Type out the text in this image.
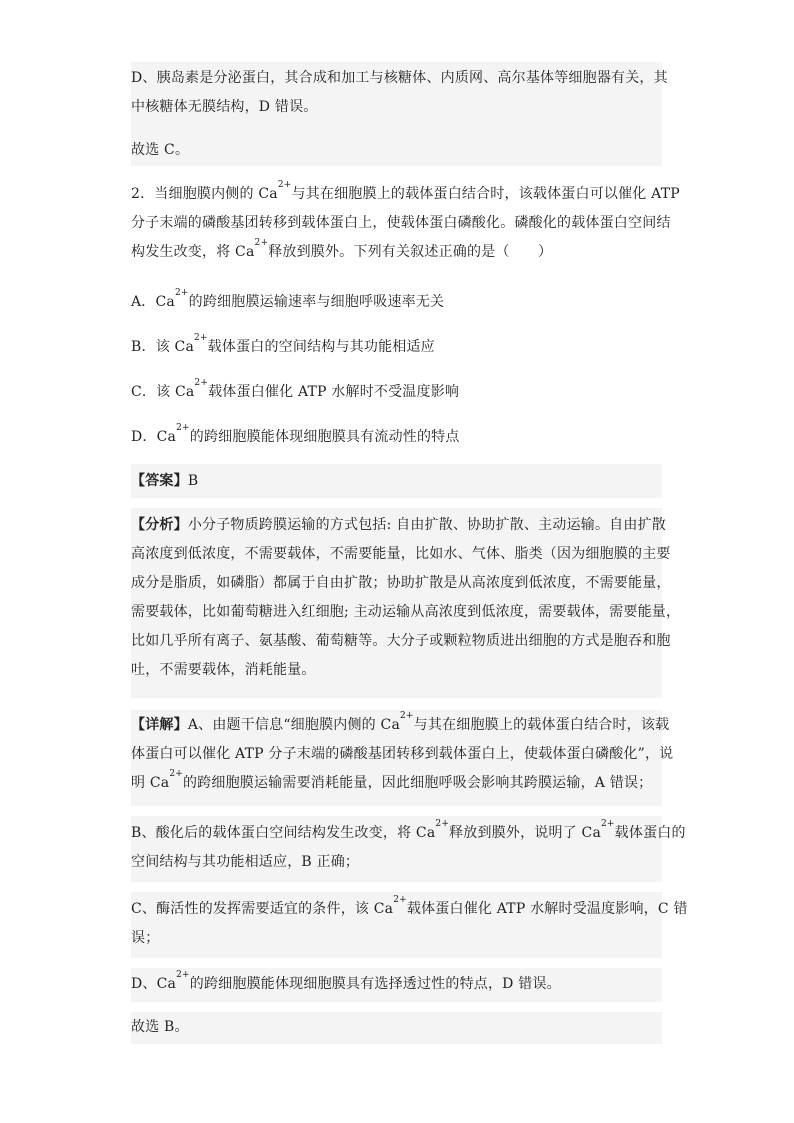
D、胰岛素是分泌蛋白，其合成和加工与核糖体、内质网、高尔基体等细胞器有关，其
中核糖体无膜结构，D 错误。
故选 C。
2．当细胞膜内侧的 $Ca^{2+}$与其在细胞膜上的载体蛋白结合时，该载体蛋白可以催化 ATP
分子末端的磷酸基团转移到载体蛋白上，使载体蛋白磷酸化。磷酸化的载体蛋白空间结
构发生改变，将 $Ca^{2+}$释放到膜外。下列有关叙述正确的是（　　）
A．$Ca^{2+}$的跨细胞膜运输速率与细胞呼吸速率无关
B．该 $Ca^{2+}$载体蛋白的空间结构与其功能相适应
C．该 $Ca^{2+}$载体蛋白催化 ATP 水解时不受温度影响
D．$Ca^{2+}$的跨细胞膜能体现细胞膜具有流动性的特点
【答案】B
【分析】小分子物质跨膜运输的方式包括: 自由扩散、协助扩散、主动运输。自由扩散
高浓度到低浓度，不需要载体，不需要能量，比如水、气体、脂类（因为细胞膜的主要
成分是脂质，如磷脂）都属于自由扩散；协助扩散是从高浓度到低浓度，不需要能量，
需要载体，比如葡萄糖进入红细胞; 主动运输从高浓度到低浓度，需要载体，需要能量，
比如几乎所有离子、氨基酸、葡萄糖等。大分子或颗粒物质进出细胞的方式是胞吞和胞
吐，不需要载体，消耗能量。
【详解】A、由题干信息“细胞膜内侧的 $Ca^{2+}$与其在细胞膜上的载体蛋白结合时，该载
体蛋白可以催化 ATP 分子末端的磷酸基团转移到载体蛋白上，使载体蛋白磷酸化”，说
明 $Ca^{2+}$的跨细胞膜运输需要消耗能量，因此细胞呼吸会影响其跨膜运输，A 错误；
B、酸化后的载体蛋白空间结构发生改变，将 $Ca^{2+}$释放到膜外，说明了 $Ca^{2+}$载体蛋白的
空间结构与其功能相适应，B 正确；
C、酶活性的发挥需要适宜的条件，该 $Ca^{2+}$载体蛋白催化 ATP 水解时受温度影响，C 错
误；
D、$Ca^{2+}$的跨细胞膜能体现细胞膜具有选择透过性的特点，D 错误。
故选 B。
